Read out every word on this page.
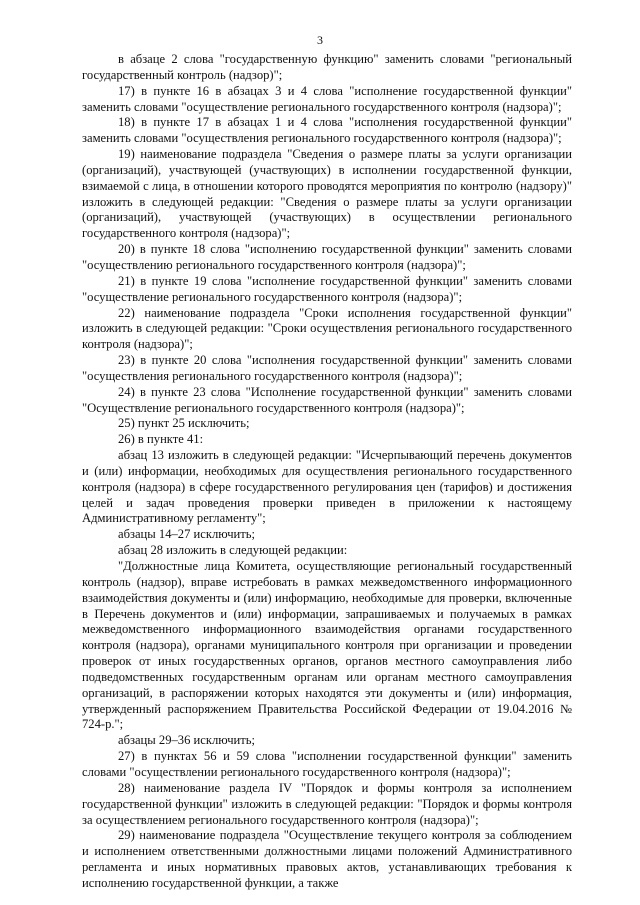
3

в абзаце 2 слова "государственную функцию" заменить словами "региональный государственный контроль (надзор)";

17) в пункте 16 в абзацах 3 и 4 слова "исполнение государственной функции" заменить словами "осуществление регионального государственного контроля (надзора)";

18) в пункте 17 в абзацах 1 и 4 слова "исполнения государственной функции" заменить словами "осуществления регионального государственного контроля (надзора)";

19) наименование подраздела "Сведения о размере платы за услуги организации (организаций), участвующей (участвующих) в исполнении государственной функции, взимаемой с лица, в отношении которого проводятся мероприятия по контролю (надзору)" изложить в следующей редакции: "Сведения о размере платы за услуги организации (организаций), участвующей (участвующих) в осуществлении регионального государственного контроля (надзора)";

20) в пункте 18 слова "исполнению государственной функции" заменить словами "осуществлению регионального государственного контроля (надзора)";

21) в пункте 19 слова "исполнение государственной функции" заменить словами "осуществление регионального государственного контроля (надзора)";

22) наименование подраздела "Сроки исполнения государственной функции" изложить в следующей редакции: "Сроки осуществления регионального государственного контроля (надзора)";

23) в пункте 20 слова "исполнения государственной функции" заменить словами "осуществления регионального государственного контроля (надзора)";

24) в пункте 23 слова "Исполнение государственной функции" заменить словами "Осуществление регионального государственного контроля (надзора)";

25) пункт 25 исключить;

26) в пункте 41:

абзац 13 изложить в следующей редакции: "Исчерпывающий перечень документов и (или) информации, необходимых для осуществления регионального государственного контроля (надзора) в сфере государственного регулирования цен (тарифов) и достижения целей и задач проведения проверки приведен в приложении к настоящему Административному регламенту";

абзацы 14–27 исключить;

абзац 28 изложить в следующей редакции:

"Должностные лица Комитета, осуществляющие региональный государственный контроль (надзор), вправе истребовать в рамках межведомственного информационного взаимодействия документы и (или) информацию, необходимые для проверки, включенные в Перечень документов и (или) информации, запрашиваемых и получаемых в рамках межведомственного информационного взаимодействия органами государственного контроля (надзора), органами муниципального контроля при организации и проведении проверок от иных государственных органов, органов местного самоуправления либо подведомственных государственным органам или органам местного самоуправления организаций, в распоряжении которых находятся эти документы и (или) информация, утвержденный распоряжением Правительства Российской Федерации от 19.04.2016 № 724-р.";

абзацы 29–36 исключить;

27) в пунктах 56 и 59 слова "исполнении государственной функции" заменить словами "осуществлении регионального государственного контроля (надзора)";

28) наименование раздела IV "Порядок и формы контроля за исполнением государственной функции" изложить в следующей редакции: "Порядок и формы контроля за осуществлением регионального государственного контроля (надзора)";

29) наименование подраздела "Осуществление текущего контроля за соблюдением и исполнением ответственными должностными лицами положений Административного регламента и иных нормативных правовых актов, устанавливающих требования к исполнению государственной функции, а также
